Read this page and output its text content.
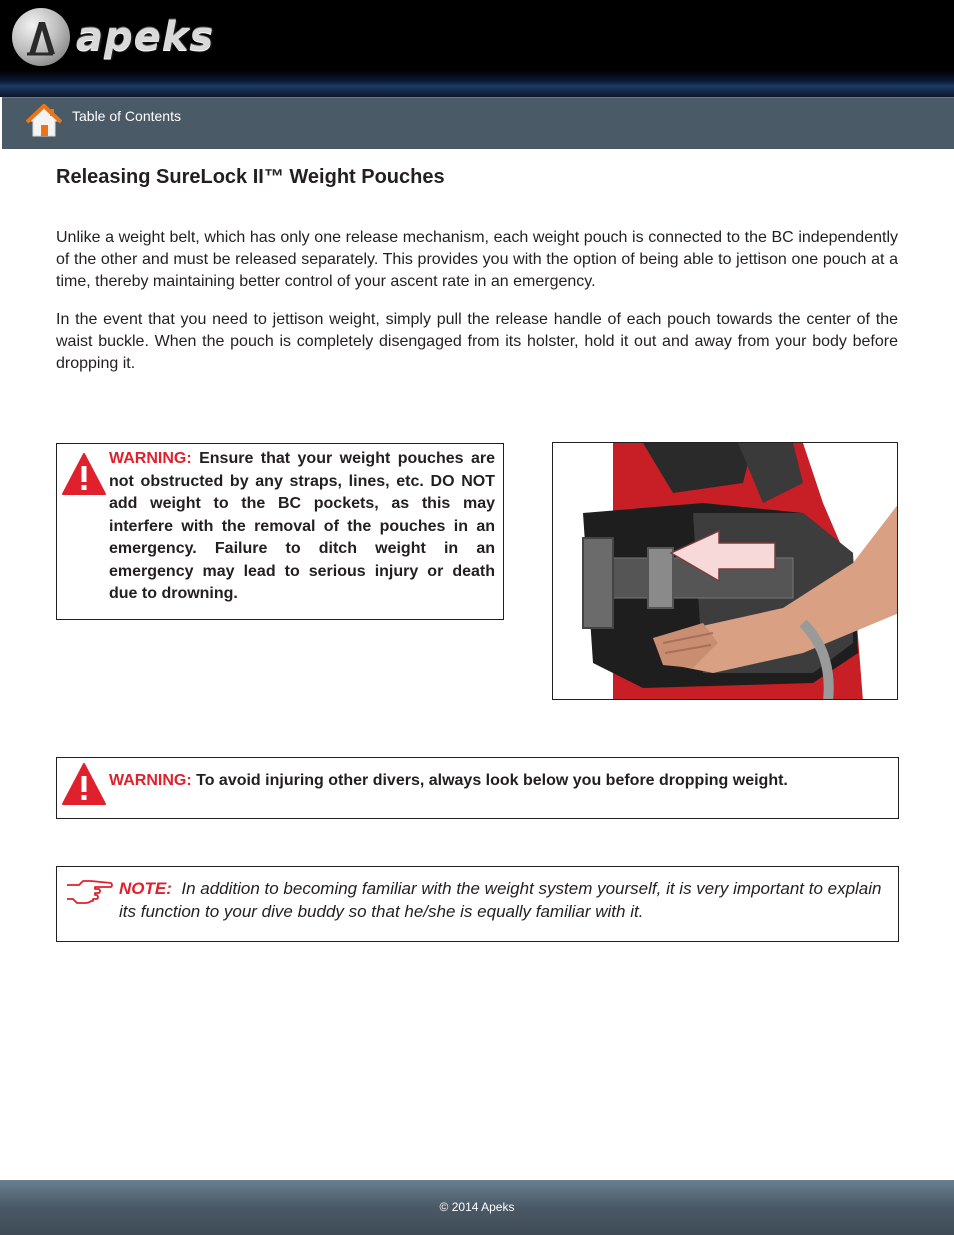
apeks
Table of Contents
Releasing SureLock II™ Weight Pouches

Unlike a weight belt, which has only one release mechanism, each weight pouch is connected to the BC independently of the other and must be released separately. This provides you with the option of being able to jettison one pouch at a time, thereby maintaining better control of your ascent rate in an emergency.

In the event that you need to jettison weight, simply pull the release handle of each pouch towards the center of the waist buckle. When the pouch is completely disengaged from its holster, hold it out and away from your body before dropping it.

WARNING: Ensure that your weight pouches are not obstructed by any straps, lines, etc. DO NOT add weight to the BC pockets, as this may interfere with the removal of the pouches in an emergency. Failure to ditch weight in an emergency may lead to serious injury or death due to drowning.
WARNING: To avoid injuring other divers, always look below you before dropping weight.
NOTE: In addition to becoming familiar with the weight system yourself, it is very important to explain its function to your dive buddy so that he/she is equally familiar with it.
© 2014 Apeks
